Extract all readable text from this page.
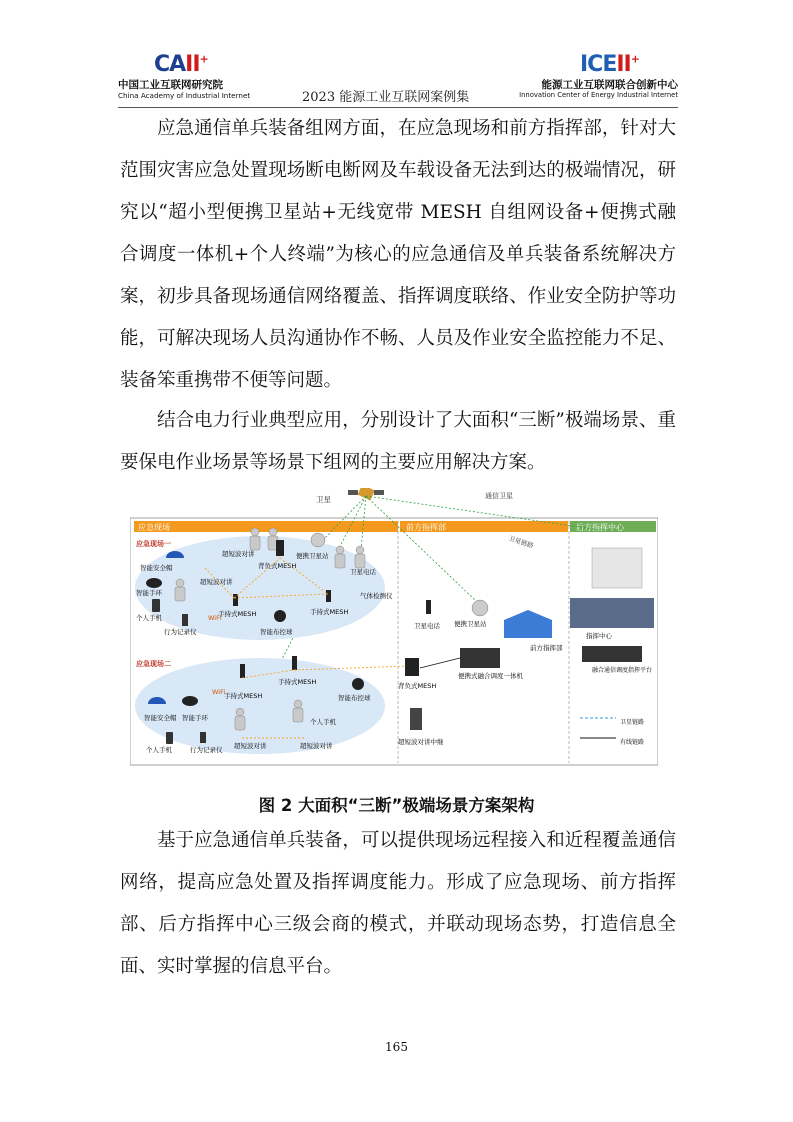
CAII+
中国工业互联网研究院
China Academy of Industrial Internet	2023 能源工业互联网案例集
ICEII+
能源工业互联网联合创新中心
Innovation Center of Energy Industrial Internet

应急通信单兵装备组网方面，在应急现场和前方指挥部，针对大范围灾害应急处置现场断电断网及车载设备无法到达的极端情况，研究以“超小型便携卫星站+无线宽带 MESH 自组网设备+便携式融合调度一体机+个人终端”为核心的应急通信及单兵装备系统解决方案，初步具备现场通信网络覆盖、指挥调度联络、作业安全防护等功能，可解决现场人员沟通协作不畅、人员及作业安全监控能力不足、装备笨重携带不便等问题。

结合电力行业典型应用，分别设计了大面积“三断”极端场景、重要保电作业场景等场景下组网的主要应用解决方案。

应急现场	前方指挥部	后方指挥中心
卫星	通信卫星
卫星链路
应急现场一
智能安全帽
智能手环
个人手机
行为记录仪
超短波对讲
超短波对讲
背负式MESH
手持式MESH	手持式MESH
WiFi
便携卫星站
卫星电话
气体检测仪
智能布控球
应急现场二
智能安全帽 智能手环
个人手机	行为记录仪 超短波对讲	超短波对讲
手持式MESH
手持式MESH
WiFi
智能布控球
个人手机
便携卫星站
卫星电话
前方指挥部
便携式融合调度一体机
背负式MESH
超短波对讲中继
指挥中心
融合通信调度指挥平台
卫星链路
有线链路
图 2 大面积“三断”极端场景方案架构

基于应急通信单兵装备，可以提供现场远程接入和近程覆盖通信网络，提高应急处置及指挥调度能力。形成了应急现场、前方指挥部、后方指挥中心三级会商的模式，并联动现场态势，打造信息全面、实时掌握的信息平台。

165
